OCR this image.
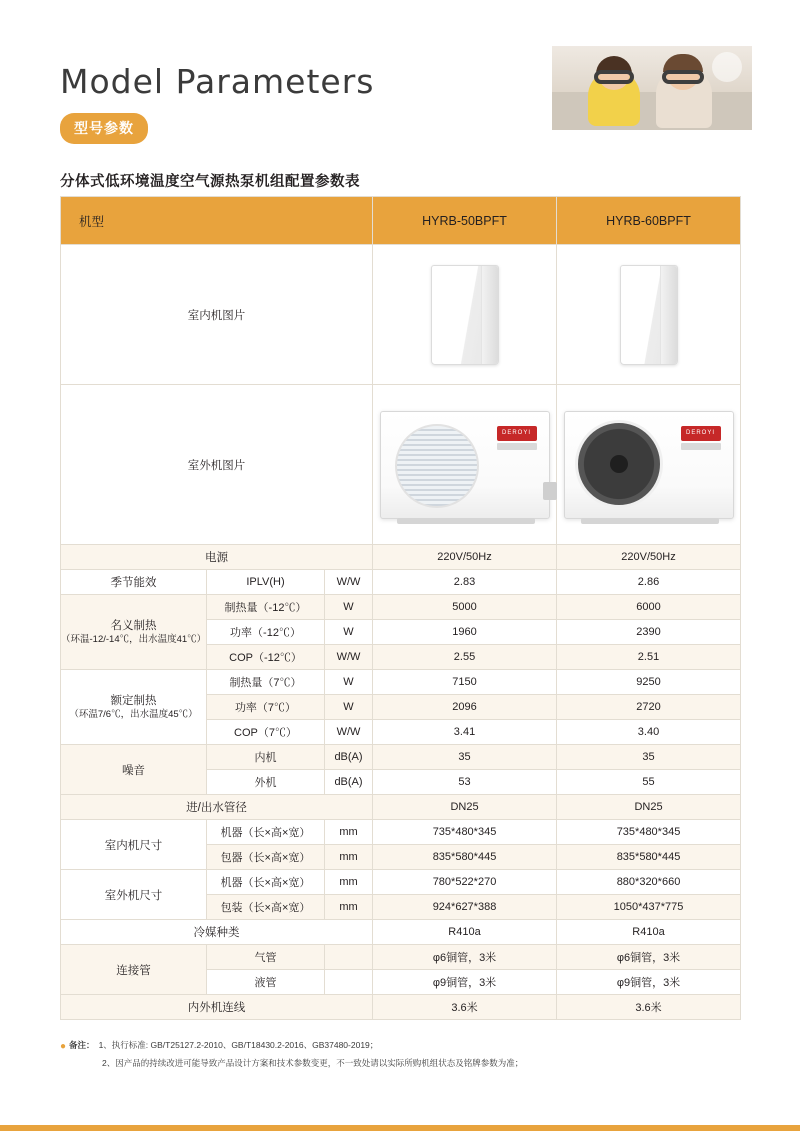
Model Parameters
型号参数
分体式低环境温度空气源热泵机组配置参数表
机型			HYRB-50BPFT	HYRB-60BPFT
室内机图片			

室外机图片			DEROYI	DEROYI

电源			220V/50Hz	220V/50Hz
季节能效	IPLV(H)	W/W	2.83	2.86
名义制热
（环温-12/-14℃，出水温度41℃）	制热量（-12℃）	W	5000	6000
	功率（-12℃）	W	1960	2390
	COP（-12℃）	W/W	2.55	2.51
额定制热
（环温7/6℃，出水温度45℃）	制热量（7℃）	W	7150	9250
	功率（7℃）	W	2096	2720
	COP（7℃）	W/W	3.41	3.40
噪音	内机	dB(A)	35	35
	外机	dB(A)	53	55
进/出水管径			DN25	DN25
室内机尺寸	机器（长×高×宽）	mm	735*480*345	735*480*345
	包器（长×高×宽）	mm	835*580*445	835*580*445
室外机尺寸	机器（长×高×宽）	mm	780*522*270	880*320*660
	包装（长×高×宽）	mm	924*627*388	1050*437*775
冷媒种类			R410a	R410a
连接管	气管		φ6铜管，3米	φ6铜管，3米
	液管		φ9铜管，3米	φ9铜管，3米
内外机连线			3.6米	3.6米
● 备注： 1、执行标准: GB/T25127.2-2010、GB/T18430.2-2016、GB37480-2019；
2、因产品的持续改进可能导致产品设计方案和技术参数变更，不一致处请以实际所购机组状态及铭牌参数为准；
